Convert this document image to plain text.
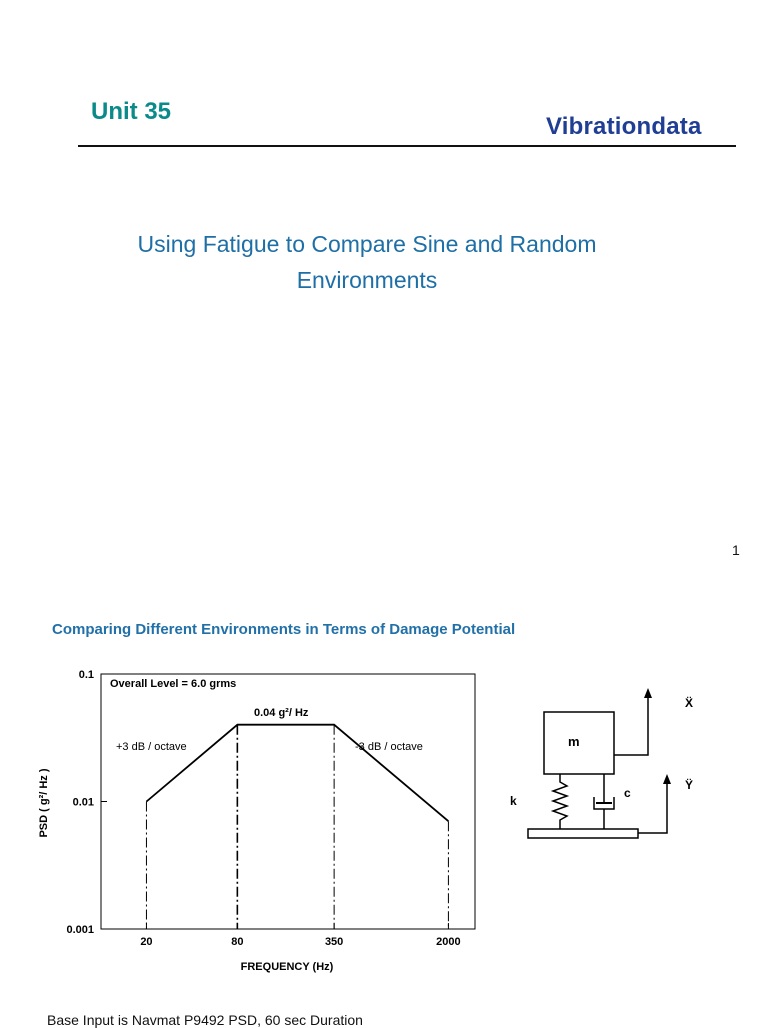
Unit 35
Vibrationdata
Using Fatigue to Compare Sine and Random
Environments
1
Comparing Different Environments in Terms of Damage Potential
0.1
0.01
0.001
20	80	350	2000
Overall Level = 6.0 grms
0.04 g²/ Hz
+3 dB / octave	-3 dB / octave
FREQUENCY (Hz)
PSD ( g²/ Hz )
m
k
c
Ẍ
Ÿ
Base Input is Navmat P9492 PSD, 60 sec Duration
